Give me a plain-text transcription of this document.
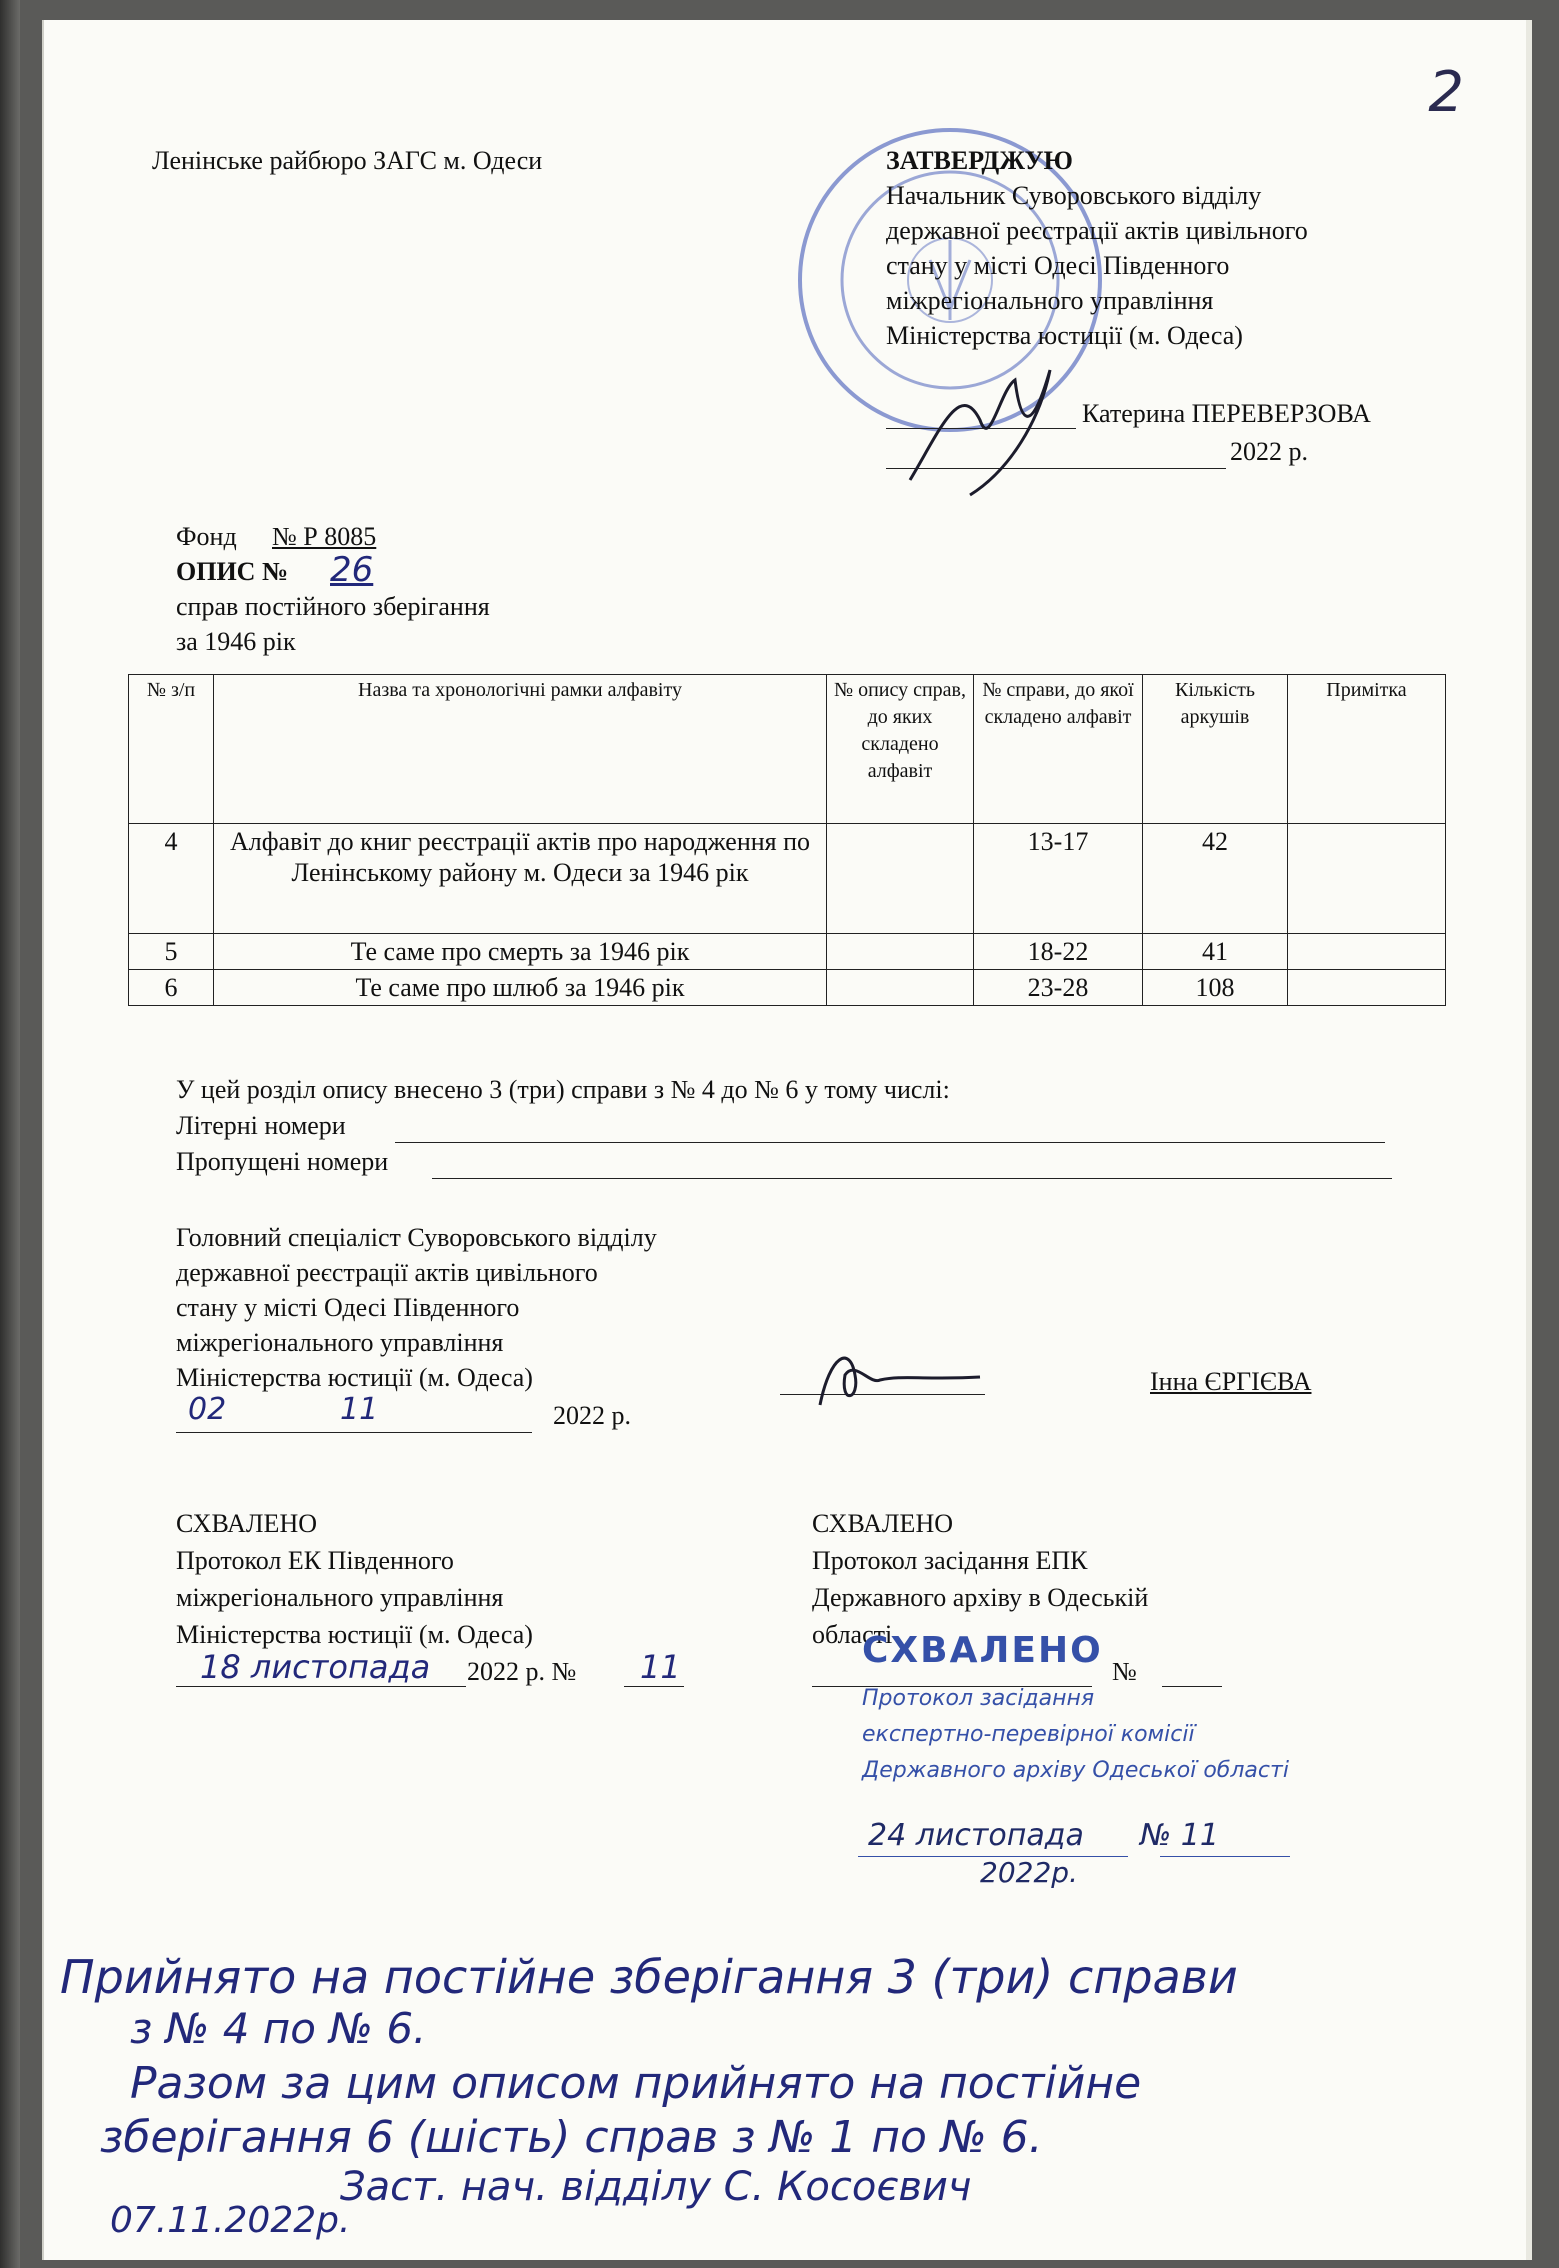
2
Ленінське райбюро ЗАГС м. Одеси	ЗАТВЕРДЖУЮ
Начальник Суворовського відділу
державної реєстрації актів цивільного
стану у місті Одесі Південного
міжрегіонального управління
Міністерства юстиції (м. Одеса)
Катерина ПЕРЕВЕРЗОВА
2022 р.
Фонд № Р 8085
ОПИС № 26
справ постійного зберігання
за 1946 рік
№ з/п	Назва та хронологічні рамки алфавіту	№ опису справ, до яких складено алфавіт	№ справи, до якої складено алфавіт	Кількість аркушів	Примітка
4	Алфавіт до книг реєстрації актів про народження по Ленінському району м. Одеси за 1946 рік		13-17	42	
5	Те саме про смерть за 1946 рік		18-22	41	
6	Те саме про шлюб за 1946 рік		23-28	108	
У цей розділ опису внесено 3 (три) справи з № 4 до № 6 у тому числі:
Літерні номери
Пропущені номери
Головний спеціаліст Суворовського відділу
державної реєстрації актів цивільного
стану у місті Одесі Південного
міжрегіонального управління
Міністерства юстиції (м. Одеса)	Інна ЄРГІЄВА
02	11	2022 р.
СХВАЛЕНО
Протокол ЕК Південного
міжрегіонального управління
Міністерства юстиції (м. Одеса)
18 листопада 2022 р. № 11
СХВАЛЕНО
Протокол засідання ЕПК
Державного архіву в Одеській
області
№
СХВАЛЕНО
Протокол засідання
експертно-перевірної комісії
Державного архіву Одеської області
24 листопада № 11
2022р.
Прийнято на постійне зберігання 3 (три) справи
з № 4 по № 6.
Разом за цим описом прийнято на постійне
зберігання 6 (шість) справ з № 1 по № 6.
Заст. нач. відділу С. Косоєвич
07.11.2022р.
